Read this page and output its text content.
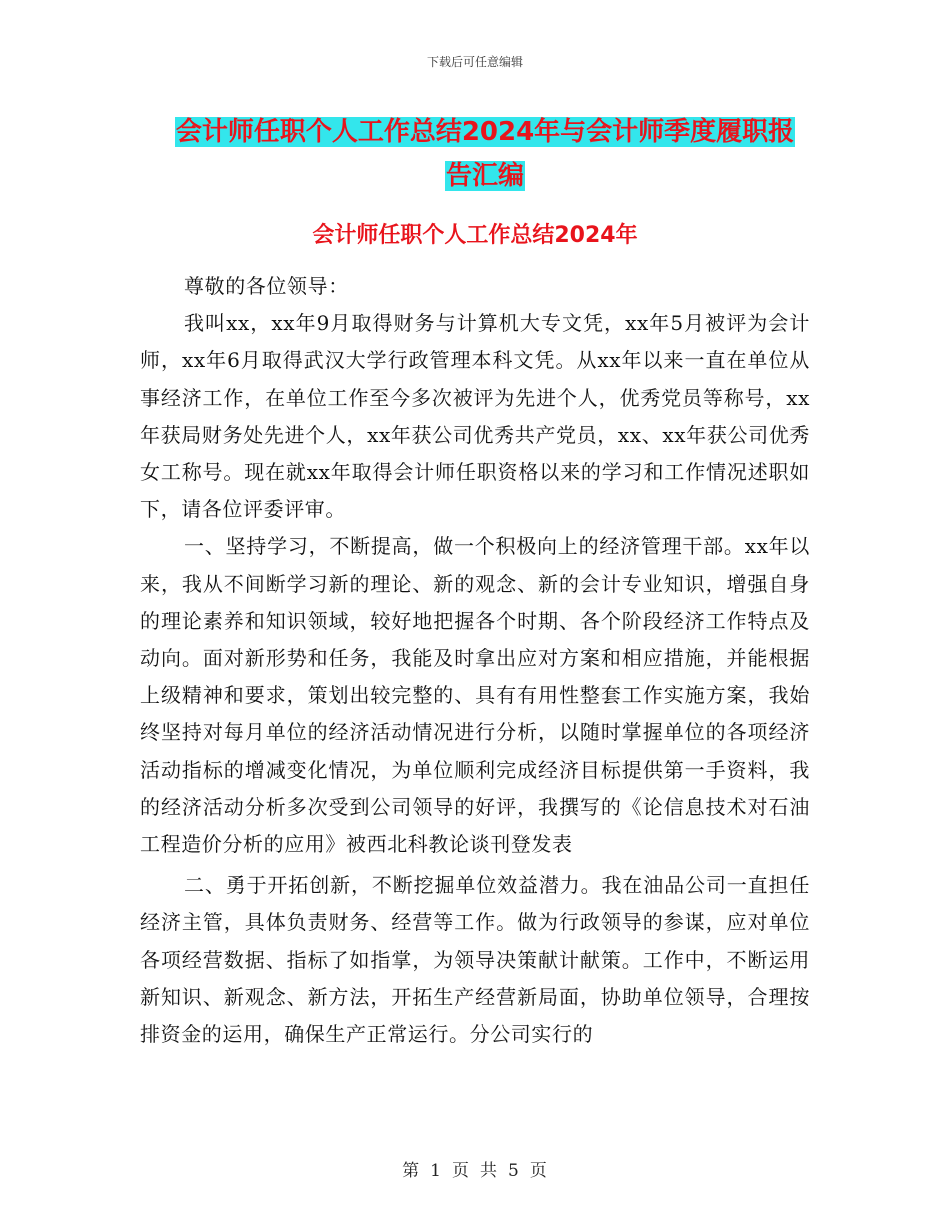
下载后可任意编辑
会计师任职个人工作总结2024年与会计师季度履职报
告汇编
会计师任职个人工作总结2024年

尊敬的各位领导：

我叫xx，xx年9月取得财务与计算机大专文凭，xx年5月被评为会计师，xx年6月取得武汉大学行政管理本科文凭。从xx年以来一直在单位从事经济工作，在单位工作至今多次被评为先进个人，优秀党员等称号，xx年获局财务处先进个人，xx年获公司优秀共产党员，xx、xx年获公司优秀女工称号。现在就xx年取得会计师任职资格以来的学习和工作情况述职如下，请各位评委评审。

一、坚持学习，不断提高，做一个积极向上的经济管理干部。xx年以来，我从不间断学习新的理论、新的观念、新的会计专业知识，增强自身的理论素养和知识领域，较好地把握各个时期、各个阶段经济工作特点及动向。面对新形势和任务，我能及时拿出应对方案和相应措施，并能根据上级精神和要求，策划出较完整的、具有有用性整套工作实施方案，我始终坚持对每月单位的经济活动情况进行分析，以随时掌握单位的各项经济活动指标的增减变化情况，为单位顺利完成经济目标提供第一手资料，我的经济活动分析多次受到公司领导的好评，我撰写的《论信息技术对石油工程造价分析的应用》被西北科教论谈刊登发表

二、勇于开拓创新，不断挖掘单位效益潜力。我在油品公司一直担任经济主管，具体负责财务、经营等工作。做为行政领导的参谋，应对单位各项经营数据、指标了如指掌，为领导决策献计献策。工作中，不断运用新知识、新观念、新方法，开拓生产经营新局面，协助单位领导，合理按排资金的运用，确保生产正常运行。分公司实行的

第 1 页 共 5 页
